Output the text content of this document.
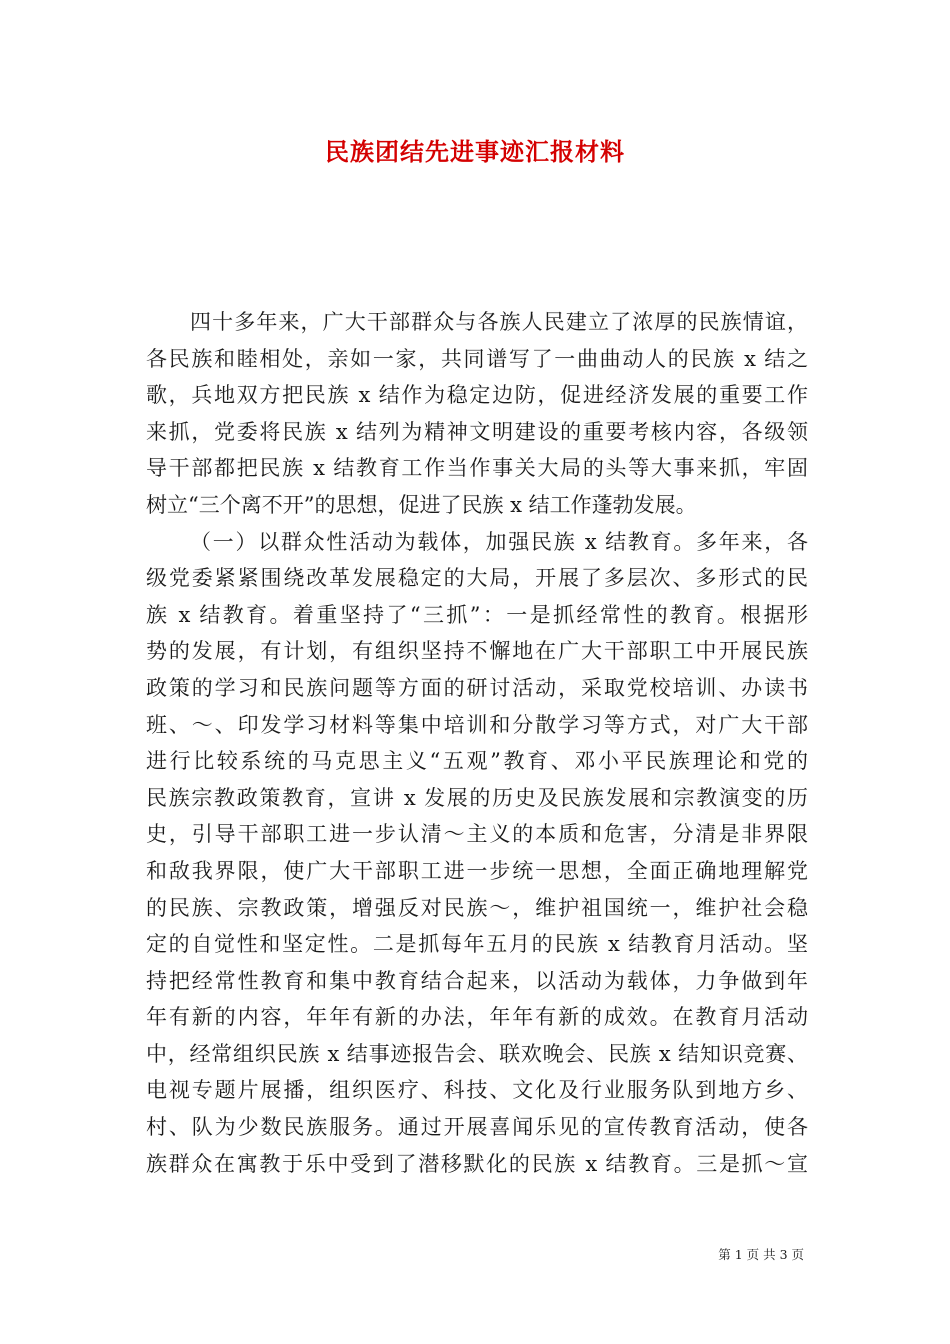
民族团结先进事迹汇报材料
四十多年来，广大干部群众与各族人民建立了浓厚的民族情谊，
各民族和睦相处，亲如一家，共同谱写了一曲曲动人的民族 x 结之
歌，兵地双方把民族 x 结作为稳定边防，促进经济发展的重要工作
来抓，党委将民族 x 结列为精神文明建设的重要考核内容，各级领
导干部都把民族 x 结教育工作当作事关大局的头等大事来抓，牢固
树立“三个离不开”的思想，促进了民族 x 结工作蓬勃发展。
（一）以群众性活动为载体，加强民族 x 结教育。多年来，各
级党委紧紧围绕改革发展稳定的大局，开展了多层次、多形式的民
族 x 结教育。着重坚持了“三抓”：一是抓经常性的教育。根据形
势的发展，有计划，有组织坚持不懈地在广大干部职工中开展民族
政策的学习和民族问题等方面的研讨活动，采取党校培训、办读书
班、～、印发学习材料等集中培训和分散学习等方式，对广大干部
进行比较系统的马克思主义“五观”教育、邓小平民族理论和党的
民族宗教政策教育，宣讲 x 发展的历史及民族发展和宗教演变的历
史，引导干部职工进一步认清～主义的本质和危害，分清是非界限
和敌我界限，使广大干部职工进一步统一思想，全面正确地理解党
的民族、宗教政策，增强反对民族～，维护祖国统一，维护社会稳
定的自觉性和坚定性。二是抓每年五月的民族 x 结教育月活动。坚
持把经常性教育和集中教育结合起来，以活动为载体，力争做到年
年有新的内容，年年有新的办法，年年有新的成效。在教育月活动
中，经常组织民族 x 结事迹报告会、联欢晚会、民族 x 结知识竞赛、
电视专题片展播，组织医疗、科技、文化及行业服务队到地方乡、
村、队为少数民族服务。通过开展喜闻乐见的宣传教育活动，使各
族群众在寓教于乐中受到了潜移默化的民族 x 结教育。三是抓～宣
第 1 页 共 3 页
